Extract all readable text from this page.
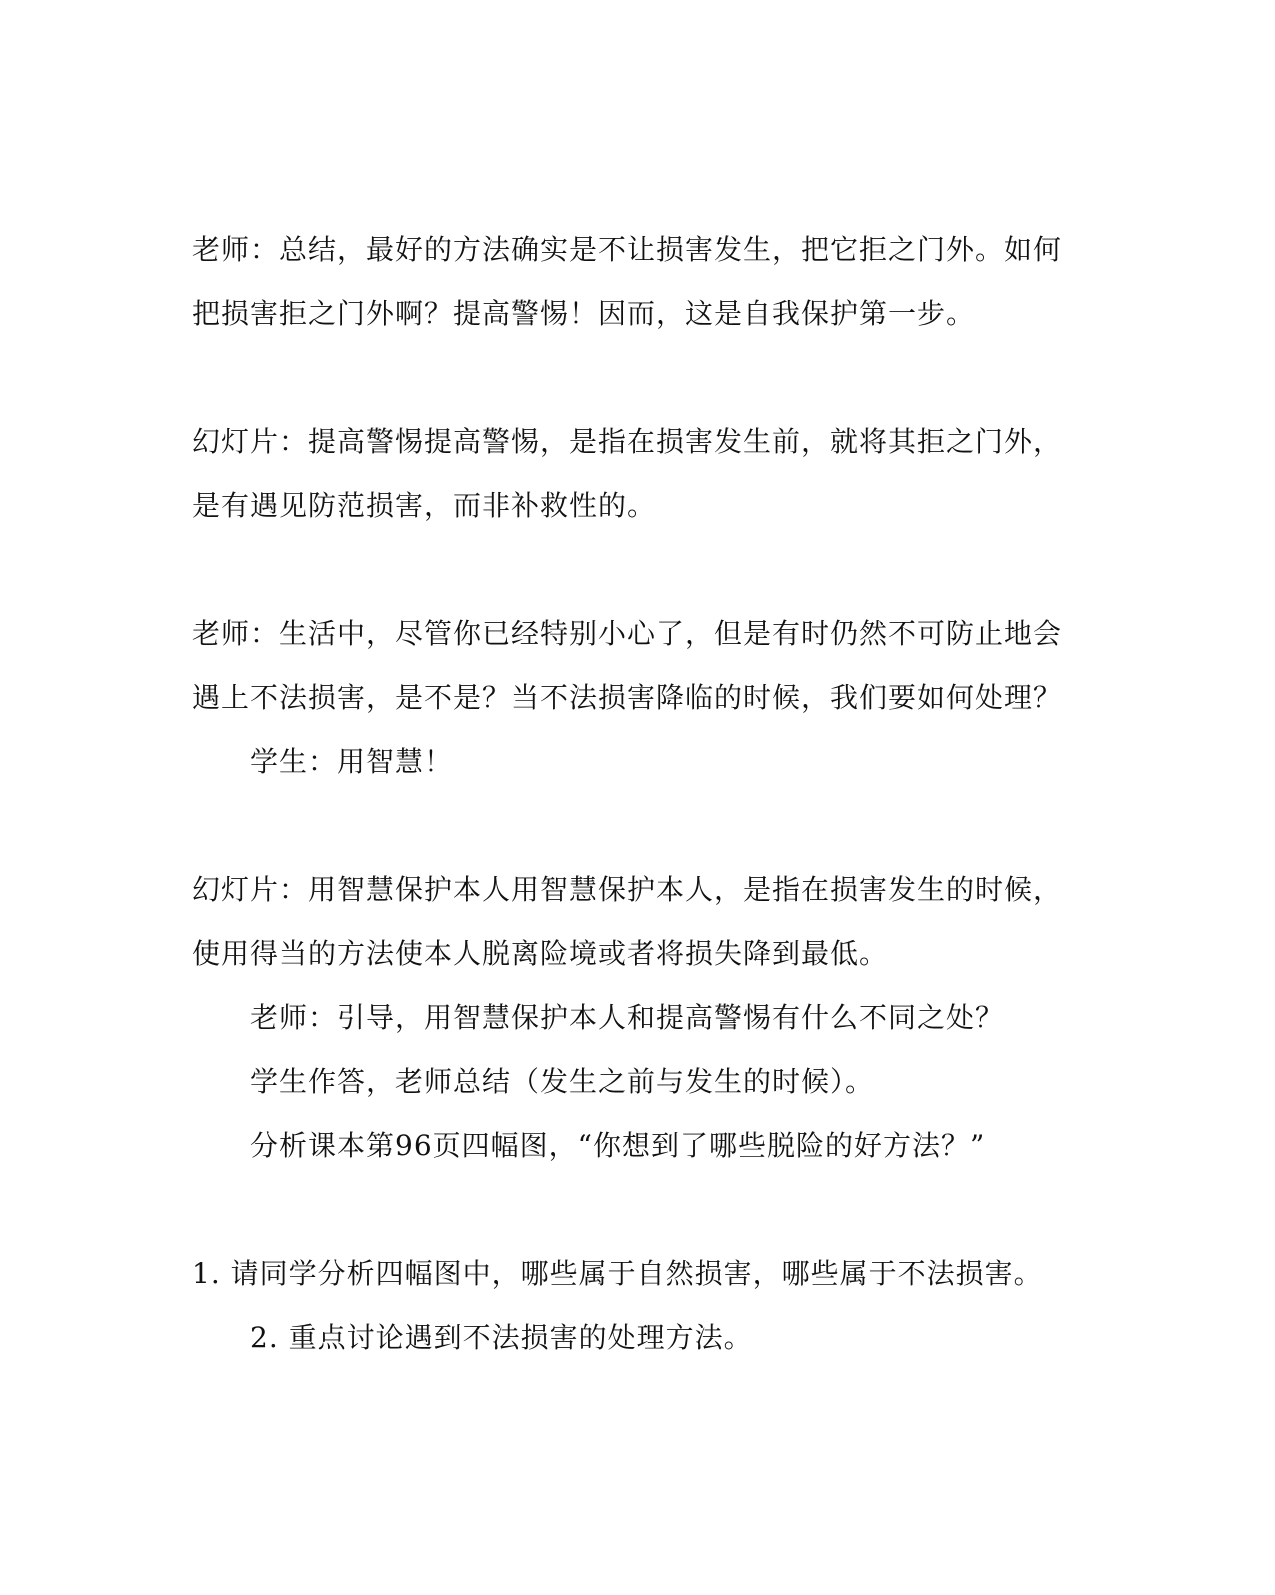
老师：总结，最好的方法确实是不让损害发生，把它拒之门外。如何
把损害拒之门外啊？提高警惕！因而，这是自我保护第一步。
幻灯片：提高警惕提高警惕，是指在损害发生前，就将其拒之门外，
是有遇见防范损害，而非补救性的。
老师：生活中，尽管你已经特别小心了，但是有时仍然不可防止地会
遇上不法损害，是不是？当不法损害降临的时候，我们要如何处理？
学生：用智慧！
幻灯片：用智慧保护本人用智慧保护本人，是指在损害发生的时候，
使用得当的方法使本人脱离险境或者将损失降到最低。
老师：引导，用智慧保护本人和提高警惕有什么不同之处？
学生作答，老师总结（发生之前与发生的时候）。
分析课本第96页四幅图，“你想到了哪些脱险的好方法？”
1. 请同学分析四幅图中，哪些属于自然损害，哪些属于不法损害。
2. 重点讨论遇到不法损害的处理方法。
